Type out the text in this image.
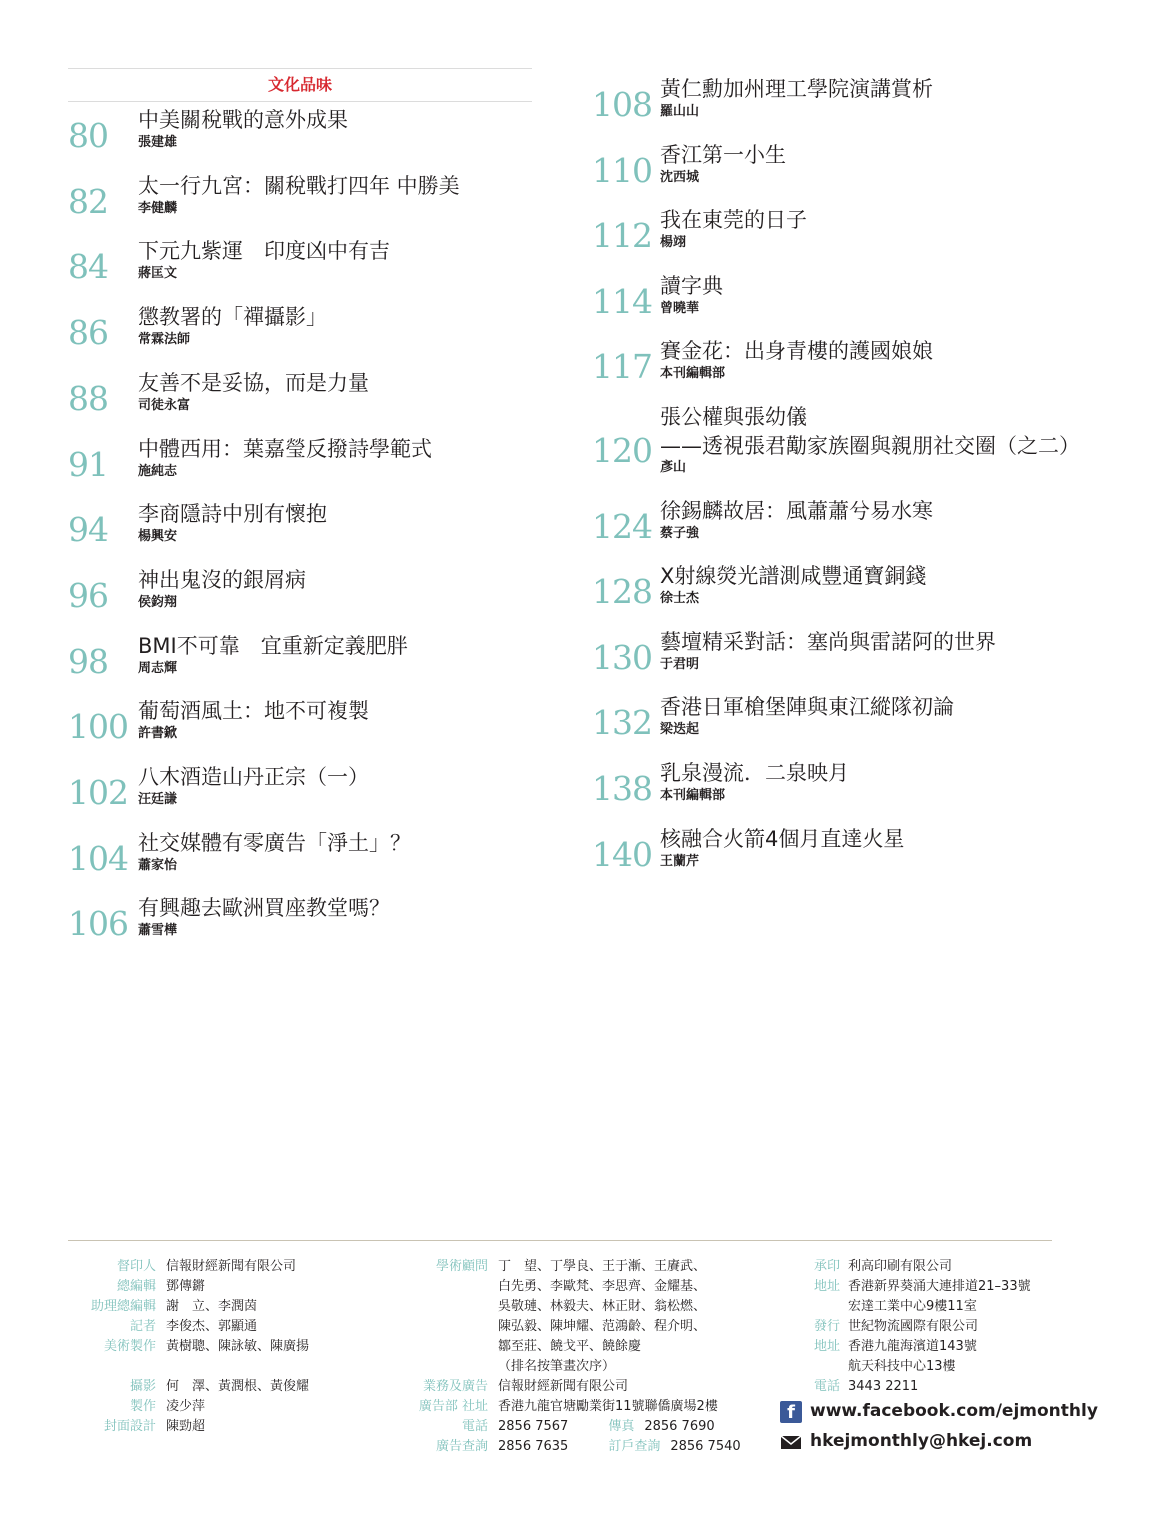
文化品味
80 中美關稅戰的意外成果
張建雄
82 太一行九宮：關稅戰打四年 中勝美
李健麟
84 下元九紫運　印度凶中有吉
蔣匡文
86 懲教署的「禪攝影」
常霖法師
88 友善不是妥協，而是力量
司徒永富
91 中體西用：葉嘉瑩反撥詩學範式
施純志
94 李商隱詩中別有懷抱
楊興安
96 神出鬼沒的銀屑病
侯鈞翔
98 BMI不可靠　宜重新定義肥胖
周志輝
100 葡萄酒風土：地不可複製
許書鍁
102 八木酒造山丹正宗（一）
汪廷謙
104 社交媒體有零廣告「淨土」？
蕭家怡
106 有興趣去歐洲買座教堂嗎？
蕭雪樺
108 黃仁勳加州理工學院演講賞析
羅山山
110 香江第一小生
沈西城
112 我在東莞的日子
楊翊
114 讀字典
曾曉華
117 賽金花：出身青樓的護國娘娘
本刊編輯部
120
張公權與張幼儀
——透視張君勱家族圈與親朋社交圈（之二）
彥山
124 徐錫麟故居：風蕭蕭兮易水寒
蔡子強
128 X射線熒光譜測咸豐通寶銅錢
徐士杰
130 藝壇精采對話：塞尚與雷諾阿的世界
于君明
132 香港日軍槍堡陣與東江縱隊初論
梁迭起
138 乳泉漫流．二泉映月
本刊編輯部
140 核融合火箭4個月直達火星
王蘭芹
督印人 信報財經新聞有限公司
總編輯 鄧傳鏘
助理總編輯 謝　立、李潤茵
記者 李俊杰、郭顯通
美術製作 黃樹聰、陳詠敏、陳廣揚
攝影 何　澤、黃潤根、黃俊耀
製作 凌少萍
封面設計 陳勁超
學術顧問 丁　望、丁學良、王于漸、王賡武、
白先勇、李歐梵、李思齊、金耀基、
吳敬璉、林毅夫、林正財、翁松燃、
陳弘毅、陳坤耀、范鴻齡、程介明、
鄒至莊、饒戈平、饒餘慶
（排名按筆畫次序）
業務及廣告 信報財經新聞有限公司
廣告部 社址 香港九龍官塘勵業街11號聯僑廣場2樓
電話 2856 7567	傳真 2856 7690
廣告查詢 2856 7635	訂戶查詢 2856 7540
承印 利高印刷有限公司
地址 香港新界葵涌大連排道21–33號
宏達工業中心9樓11室
發行 世紀物流國際有限公司
地址 香港九龍海濱道143號
航天科技中心13樓
電話 3443 2211
f www.facebook.com/ejmonthly
hkejmonthly@hkej.com
